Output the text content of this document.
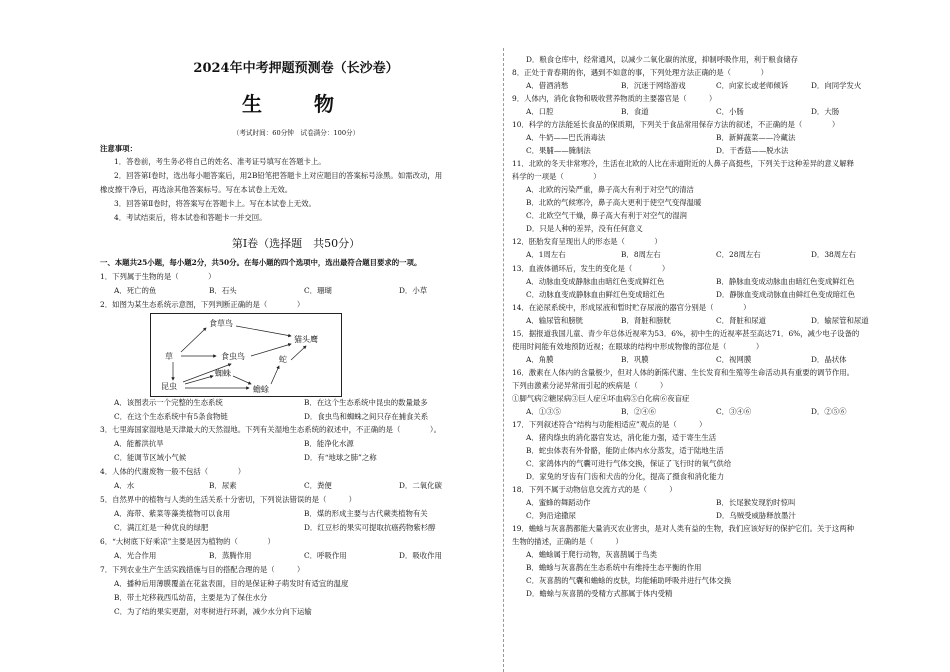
2024年中考押题预测卷（长沙卷）
生　物
（考试时间：60分钟　试卷满分：100分）
注意事项：
1．答卷前，考生务必将自己的姓名、准考证号填写在答题卡上。
2．回答第Ⅰ卷时，选出每小题答案后，用2B铅笔把答题卡上对应题目的答案标号涂黑。如需改动，用
橡皮擦干净后，再选涂其他答案标号。写在本试卷上无效。
3．回答第Ⅱ卷时，将答案写在答题卡上。写在本试卷上无效。
4．考试结束后，将本试卷和答题卡一并交回。
第Ⅰ卷（选择题　共50分）
一、本题共25小题，每小题2分，共50分。在每小题的四个选项中，选出最符合题目要求的一项。
1．下列属于生物的是（　　　　）
A．死亡的鱼	B．石头	C．珊瑚	D．小草
2．如图为某生态系统示意图，下列判断正确的是（　　　　）
食草鸟
猫头鹰
草	食虫鸟	蛇
昆虫
蜘蛛
蟾蜍
A．该图表示一个完整的生态系统	B．在这个生态系统中昆虫的数量最多
C．在这个生态系统中有5条食物链	D．食虫鸟和蜘蛛之间只存在捕食关系
3．七里海国家湿地是天津最大的天然湿地。下列有关湿地生态系统的叙述中，不正确的是（　　　　）。
A．能蓄洪抗旱	B．能净化水源
C．能调节区域小气候	D．有“地球之肺”之称
4．人体的代谢废物一般不包括（　　　　）
A．水	B．尿素	C．粪便	D．二氧化碳
5．自然界中的植物与人类的生活关系十分密切，下列说法错误的是（　　　）
A．海带、紫菜等藻类植物可以食用	B．煤的形成主要与古代蕨类植物有关
C．满江红是一种优良的绿肥	D．红豆杉的果实可提取抗癌药物紫杉醇
6．“大树底下好乘凉”主要是因为植物的（　　　　）
A．光合作用	B．蒸腾作用	C．呼吸作用	D．吸收作用
7．下列农业生产生活实践措施与目的搭配合理的是（　　　）
A．播种后用薄膜覆盖在花盆表面，目的是保证种子萌发时有适宜的温度
B．带土坨移栽西瓜幼苗，主要是为了保住水分
C．为了结的果实更甜，对枣树进行环剥，减少水分向下运输
D．粮食仓库中，经常通风，以减少二氧化碳的浓度，抑制呼吸作用，利于粮食储存
8．正处于青春期的你，遇到不如意的事，下列处理方法正确的是（　　　　）
A．借酒消愁	B．沉迷于网络游戏	C．向家长或老师倾诉	D．向同学发火
9．人体内，消化食物和吸收营养物质的主要器官是（　　　）
A．口腔	B．食道	C．小肠	D．大肠
10．科学的方法能延长食品的保质期，下列关于食品常用保存方法的叙述，不正确的是（　　　　）
A．牛奶——巴氏消毒法	B．新鲜蔬菜——冷藏法
C．果脯——腌制法	D．干香菇——脱水法
11．北欧的冬天非常寒冷，生活在北欧的人比在赤道附近的人鼻子高挺些，下列关于这种差异的意义解释
科学的一项是（　　　　）
A．北欧的污染严重，鼻子高大有利于对空气的清洁
B．北欧的气候寒冷，鼻子高大更利于使空气变得温暖
C．北欧空气干燥，鼻子高大有利于对空气的湿润
D．只是人种的差异，没有任何意义
12．胚胎发育呈现出人的形态是（　　　　）
A．1周左右	B．8周左右	C．28周左右	D．38周左右
13．血液体循环后，发生的变化是（　　　　）
A．动脉血变成静脉血由暗红色变成鲜红色	B．静脉血变成动脉血由暗红色变成鲜红色
C．动脉血变成静脉血由鲜红色变成暗红色	D．静脉血变成动脉血由鲜红色变成暗红色
14．在泌尿系统中，形成尿液和暂时贮存尿液的器官分别是（　　　　）
A．输尿管和膀胱	B．肾脏和膀胱	C．肾脏和尿道	D．输尿管和尿道
15．据报道我国儿童、青少年总体近视率为53．6%，初中生的近视率甚至高达71．6%，减少电子设备的
使用时间能有效地预防近视；在眼球的结构中形成物像的部位是（　　　　）
A．角膜	B．巩膜	C．视网膜	D．晶状体
16．激素在人体内的含量极少，但对人体的新陈代谢、生长发育和生殖等生命活动具有重要的调节作用。
下列由激素分泌异常而引起的疾病是（　　　）
①脚气病②糖尿病③巨人症④坏血病⑤白化病⑥夜盲症
A．①③⑤	B．②④⑥	C．③④⑥	D．②⑤⑥
17．下列叙述符合“结构与功能相适应”观点的是（　　　）
A．猪肉绦虫的消化器官发达，消化能力强，适于寄生生活
B．蛇虫体表有外骨骼，能防止体内水分蒸发，适于陆地生活
C．家鸽体内的气囊可进行气体交换，保证了飞行时的氧气供给
D．家兔的牙齿有门齿和犬齿的分化，提高了摄食和消化能力
18．下列不属于动物信息交流方式的是（　　　）
A．蜜蜂的舞蹈动作	B．长尾猴发现豹时惊叫
C．狗沿途撒尿	D．乌贼受威胁释放墨汁
19．蟾蜍与灰喜鹊都能大量消灭农业害虫，是对人类有益的生物，我们应该好好的保护它们。关于这两种
生物的描述，正确的是（　　　）
A．蟾蜍属于爬行动物，灰喜鹊属于鸟类
B．蟾蜍与灰喜鹊在生态系统中有维持生态平衡的作用
C．灰喜鹊的气囊和蟾蜍的皮肤，均能辅助呼吸并进行气体交换
D．蟾蜍与灰喜鹊的受精方式都属于体内受精
